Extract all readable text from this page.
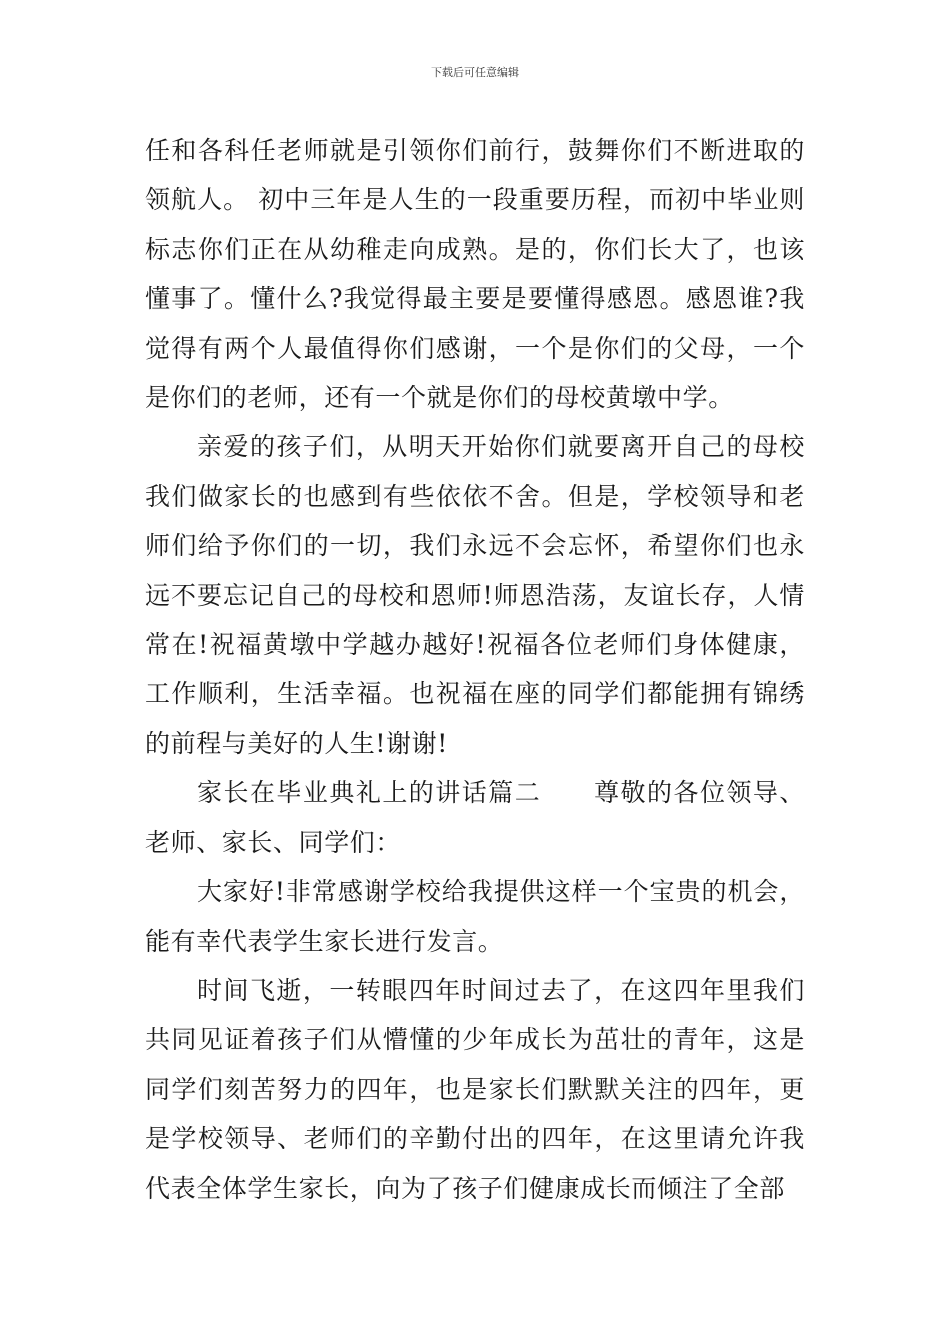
下载后可任意编辑

任和各科任老师就是引领你们前行，鼓舞你们不断进取的领航人。 初中三年是人生的一段重要历程，而初中毕业则标志你们正在从幼稚走向成熟。是的，你们长大了，也该懂事了。懂什么?我觉得最主要是要懂得感恩。感恩谁?我觉得有两个人最值得你们感谢，一个是你们的父母，一个是你们的老师，还有一个就是你们的母校黄墩中学。

亲爱的孩子们，从明天开始你们就要离开自己的母校我们做家长的也感到有些依依不舍。但是，学校领导和老师们给予你们的一切，我们永远不会忘怀，希望你们也永远不要忘记自己的母校和恩师!师恩浩荡，友谊长存，人情常在!祝福黄墩中学越办越好!祝福各位老师们身体健康，工作顺利，生活幸福。也祝福在座的同学们都能拥有锦绣的前程与美好的人生!谢谢!

家长在毕业典礼上的讲话篇二 尊敬的各位领导、老师、家长、同学们：

大家好!非常感谢学校给我提供这样一个宝贵的机会，能有幸代表学生家长进行发言。

时间飞逝，一转眼四年时间过去了，在这四年里我们共同见证着孩子们从懵懂的少年成长为茁壮的青年，这是同学们刻苦努力的四年，也是家长们默默关注的四年，更是学校领导、老师们的辛勤付出的四年，在这里请允许我代表全体学生家长，向为了孩子们健康成长而倾注了全部
